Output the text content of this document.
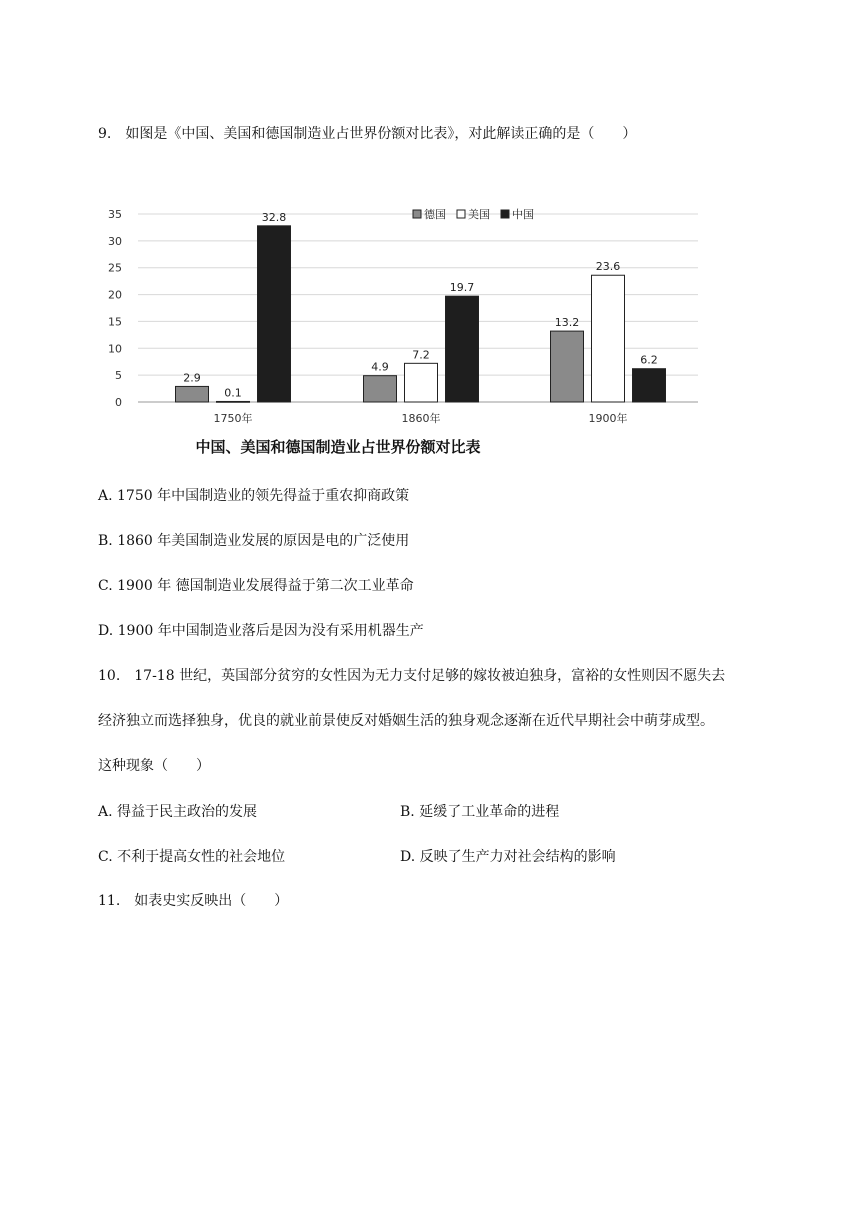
9. 如图是《中国、美国和德国制造业占世界份额对比表》，对此解读正确的是（　　）
0
5
10
15
20
25
30
35
2.9
0.1
32.8
1750年
4.9
7.2
19.7
1860年
13.2
23.6
6.2
1900年
德国 美国 中国
中国、美国和德国制造业占世界份额对比表
A. 1750 年中国制造业的领先得益于重农抑商政策
B. 1860 年美国制造业发展的原因是电的广泛使用
C. 1900 年 德国制造业发展得益于第二次工业革命
D. 1900 年中国制造业落后是因为没有采用机器生产
10. 17-18 世纪，英国部分贫穷的女性因为无力支付足够的嫁妆被迫独身，富裕的女性则因不愿失去
经济独立而选择独身，优良的就业前景使反对婚姻生活的独身观念逐渐在近代早期社会中萌芽成型。
这种现象（　　）
A. 得益于民主政治的发展	B. 延缓了工业革命的进程
C. 不利于提高女性的社会地位	D. 反映了生产力对社会结构的影响
11. 如表史实反映出（　　）
